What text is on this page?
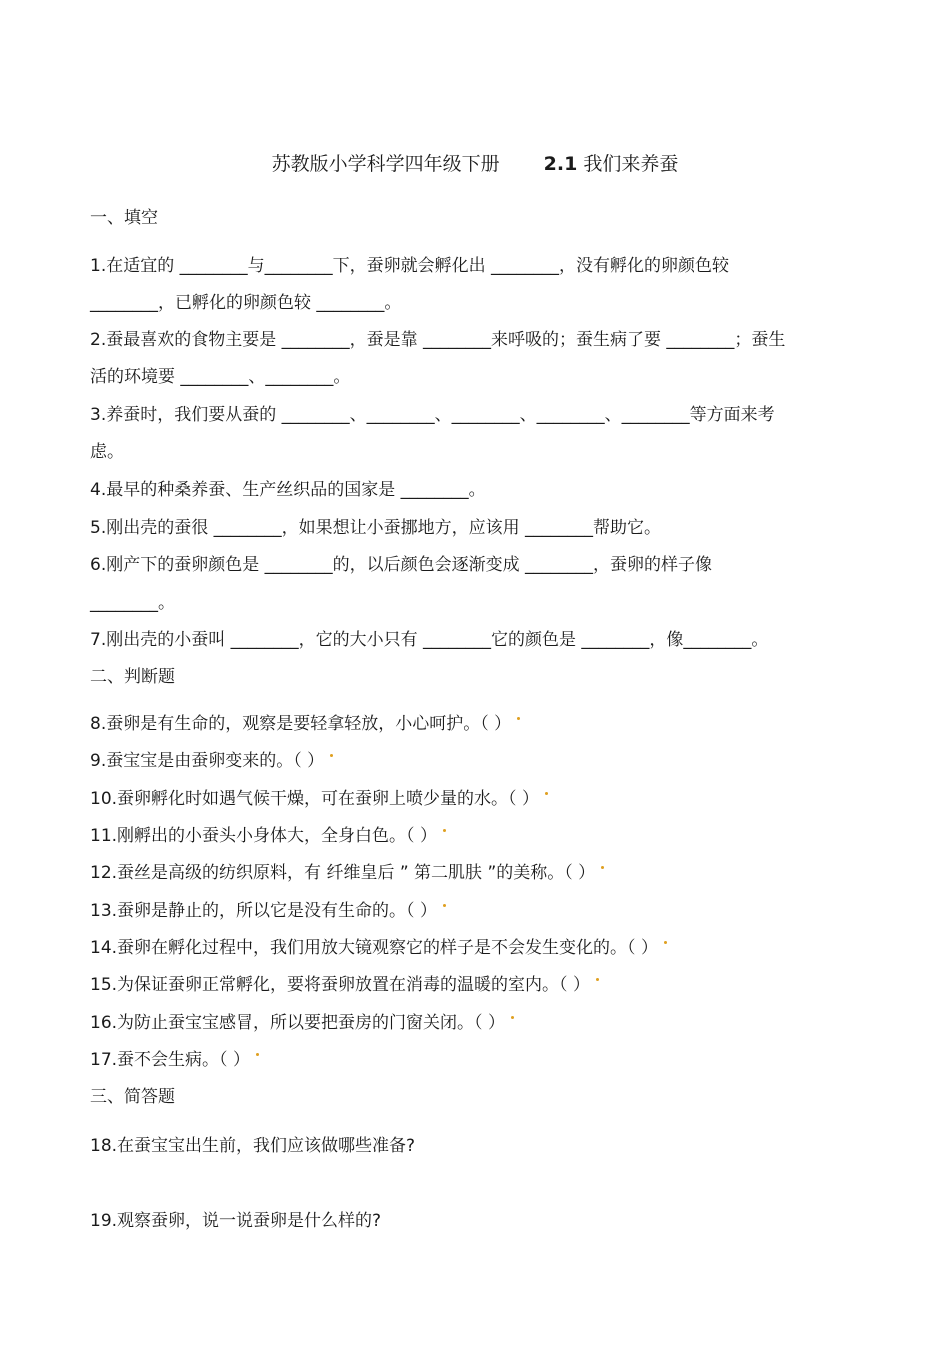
苏教版小学科学四年级下册 2.1 我们来养蚕
一、填空
1.在适宜的 ________与________下，蚕卵就会孵化出 ________，没有孵化的卵颜色较
________，已孵化的卵颜色较 ________。
2.蚕最喜欢的食物主要是 ________，蚕是靠 ________来呼吸的；蚕生病了要 ________；蚕生
活的环境要 ________、________。
3.养蚕时，我们要从蚕的 ________、________、________、________、________等方面来考
虑。
4.最早的种桑养蚕、生产丝织品的国家是 ________。
5.刚出壳的蚕很 ________，如果想让小蚕挪地方，应该用 ________帮助它。
6.刚产下的蚕卵颜色是 ________的，以后颜色会逐渐变成 ________，蚕卵的样子像
________。
7.刚出壳的小蚕叫 ________，它的大小只有 ________它的颜色是 ________，像________。
二、判断题
8.蚕卵是有生命的，观察是要轻拿轻放，小心呵护。（ ）
9.蚕宝宝是由蚕卵变来的。（ ）
10.蚕卵孵化时如遇气候干燥，可在蚕卵上喷少量的水。（ ）
11.刚孵出的小蚕头小身体大，全身白色。（ ）
12.蚕丝是高级的纺织原料，有 纤维皇后 ” 第二肌肤 ”的美称。（ ）
13.蚕卵是静止的，所以它是没有生命的。（ ）
14.蚕卵在孵化过程中，我们用放大镜观察它的样子是不会发生变化的。（ ）
15.为保证蚕卵正常孵化，要将蚕卵放置在消毒的温暖的室内。（ ）
16.为防止蚕宝宝感冒，所以要把蚕房的门窗关闭。（ ）
17.蚕不会生病。（ ）
三、简答题
18.在蚕宝宝出生前，我们应该做哪些准备?
19.观察蚕卵，说一说蚕卵是什么样的?
